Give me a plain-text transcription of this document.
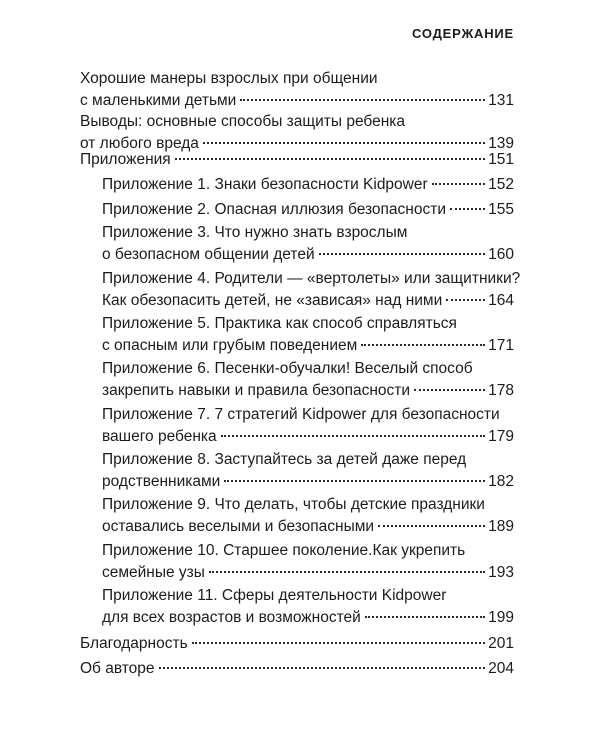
СОДЕРЖАНИЕ
Хорошие манеры взрослых при общении
с маленькими детьми	131
Выводы: основные способы защиты ребенка
от любого вреда	139
Приложения	151
Приложение 1. Знаки безопасности Kidpower	152
Приложение 2. Опасная иллюзия безопасности	155
Приложение 3. Что нужно знать взрослым
о безопасном общении детей	160
Приложение 4. Родители — «вертолеты» или защитники?
Как обезопасить детей, не «зависая» над ними	164
Приложение 5. Практика как способ справляться
с опасным или грубым поведением	171
Приложение 6. Песенки-обучалки! Веселый способ
закрепить навыки и правила безопасности	178
Приложение 7. 7 стратегий Kidpower для безопасности
вашего ребенка	179
Приложение 8. Заступайтесь за детей даже перед
родственниками	182
Приложение 9. Что делать, чтобы детские праздники
оставались веселыми и безопасными	189
Приложение 10. Старшее поколение.Как укрепить
семейные узы	193
Приложение 11. Сферы деятельности Kidpower
для всех возрастов и возможностей	199
Благодарность	201
Об авторе	204
